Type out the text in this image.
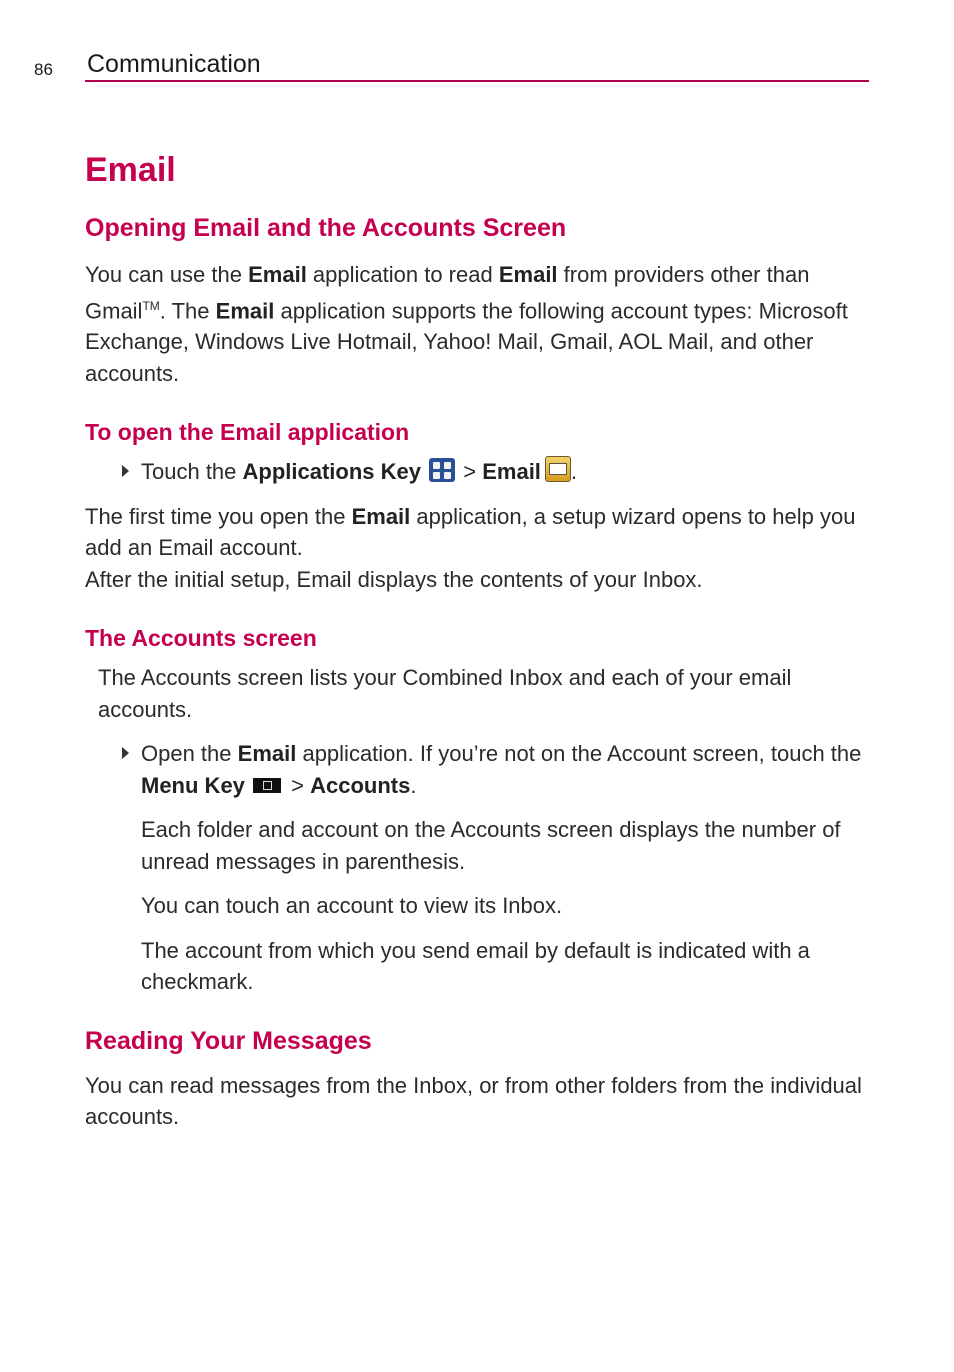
86 Communication
Email
Opening Email and the Accounts Screen

You can use the Email application to read Email from providers other than Gmail™. The Email application supports the following account types: Microsoft Exchange, Windows Live Hotmail, Yahoo! Mail, Gmail, AOL Mail, and other accounts.

To open the Email application
Touch the Applications Key
> Email .

The first time you open the Email application, a setup wizard opens to help you add an Email account.

After the initial setup, Email displays the contents of your Inbox.

The Accounts screen

The Accounts screen lists your Combined Inbox and each of your email accounts.

Open the Email application. If you’re not on the Account screen, touch the Menu Key  > Accounts.

Each folder and account on the Accounts screen displays the number of unread messages in parenthesis.

You can touch an account to view its Inbox.

The account from which you send email by default is indicated with a checkmark.

Reading Your Messages

You can read messages from the Inbox, or from other folders from the individual accounts.
